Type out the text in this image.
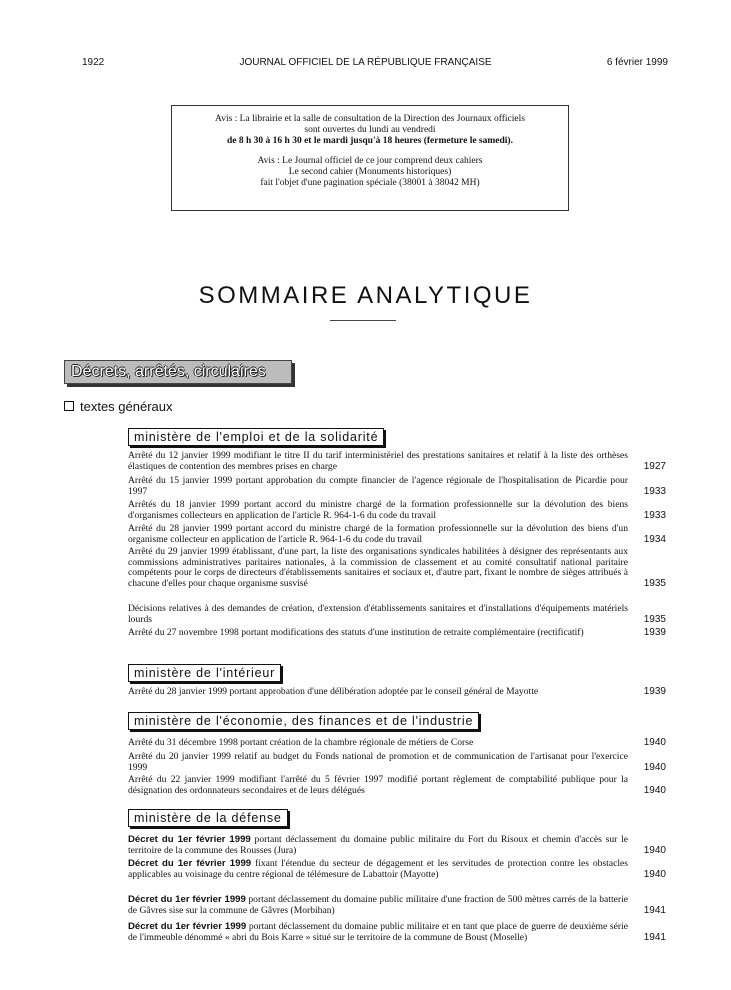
1922	JOURNAL OFFICIEL DE LA RÉPUBLIQUE FRANÇAISE	6 février 1999
Avis : La librairie et la salle de consultation de la Direction des Journaux officiels
sont ouvertes du lundi au vendredi
de 8 h 30 à 16 h 30 et le mardi jusqu'à 18 heures (fermeture le samedi).
Avis : Le Journal officiel de ce jour comprend deux cahiers
Le second cahier (Monuments historiques)
fait l'objet d'une pagination spéciale (38001 à 38042 MH)
SOMMAIRE ANALYTIQUE
Décrets, arrêtés, circulaires
textes généraux
ministère de l'emploi et de la solidarité
Arrêté du 12 janvier 1999 modifiant le titre II du tarif interministériel des prestations sanitaires et relatif à la liste des orthèses élastiques de contention des membres prises en charge	1927
Arrêté du 15 janvier 1999 portant approbation du compte financier de l'agence régionale de l'hospitalisation de Picardie pour 1997	1933
Arrêtés du 18 janvier 1999 portant accord du ministre chargé de la formation professionnelle sur la dévolution des biens d'organismes collecteurs en application de l'article R. 964-1-6 du code du travail	1933
Arrêté du 28 janvier 1999 portant accord du ministre chargé de la formation professionnelle sur la dévolution des biens d'un organisme collecteur en application de l'article R. 964-1-6 du code du travail	1934
Arrêté du 29 janvier 1999 établissant, d'une part, la liste des organisations syndicales habilitées à désigner des représentants aux commissions administratives paritaires nationales, à la commission de classement et au comité consultatif national paritaire compétents pour le corps de directeurs d'établissements sanitaires et sociaux et, d'autre part, fixant le nombre de sièges attribués à chacune d'elles pour chaque organisme susvisé	1935
Décisions relatives à des demandes de création, d'extension d'établissements sanitaires et d'installations d'équipements matériels lourds	1935
Arrêté du 27 novembre 1998 portant modifications des statuts d'une institution de retraite complémentaire (rectificatif)	1939
ministère de l'intérieur
Arrêté du 28 janvier 1999 portant approbation d'une délibération adoptée par le conseil général de Mayotte	1939
ministère de l'économie, des finances et de l'industrie
Arrêté du 31 décembre 1998 portant création de la chambre régionale de métiers de Corse	1940
Arrêté du 20 janvier 1999 relatif au budget du Fonds national de promotion et de communication de l'artisanat pour l'exercice 1999	1940
Arrêté du 22 janvier 1999 modifiant l'arrêté du 5 février 1997 modifié portant règlement de comptabilité publique pour la désignation des ordonnateurs secondaires et de leurs délégués	1940
ministère de la défense
Décret du 1er février 1999 portant déclassement du domaine public militaire du Fort du Risoux et chemin d'accès sur le territoire de la commune des Rousses (Jura)	1940
Décret du 1er février 1999 fixant l'étendue du secteur de dégagement et les servitudes de protection contre les obstacles applicables au voisinage du centre régional de télémesure de Labattoir (Mayotte)	1940
Décret du 1er février 1999 portant déclassement du domaine public militaire d'une fraction de 500 mètres carrés de la batterie de Gâvres sise sur la commune de Gâvres (Morbihan)	1941
Décret du 1er février 1999 portant déclassement du domaine public militaire et en tant que place de guerre de deuxième série de l'immeuble dénommé « abri du Bois Karre » situé sur le territoire de la commune de Boust (Moselle)	1941
